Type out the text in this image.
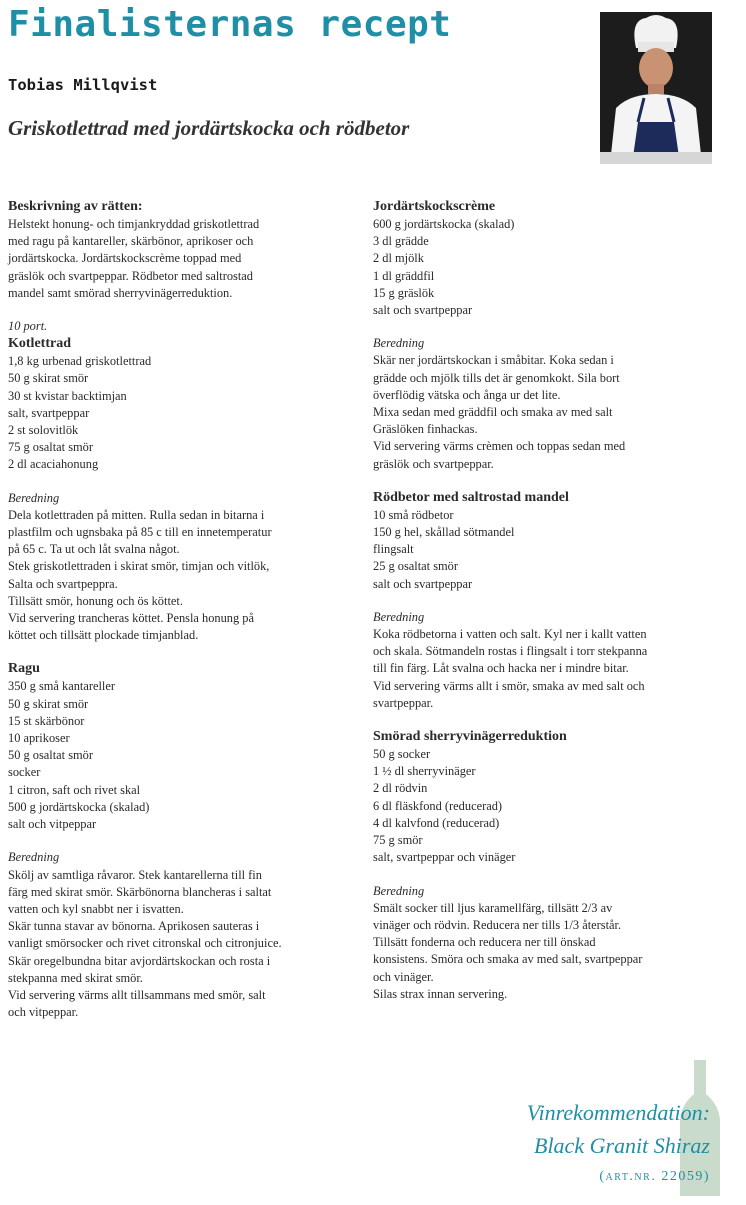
Finalisternas recept
Tobias Millqvist
Griskotlettrad med jordärtskocka och rödbetor

Beskrivning av rätten:

Helstekt honung- och timjankryddad griskotlettrad
med ragu på kantareller, skärbönor, aprikoser och
jordärtskocka. Jordärtskockscrème toppad med
gräslök och svartpeppar. Rödbetor med saltrostad
mandel samt smörad sherryvinägerreduktion.

10 port.

Kotlettrad

1,8 kg urbenad griskotlettrad
50 g skirat smör
30 st kvistar backtimjan
salt, svartpeppar
2 st solovitlök
75 g osaltat smör
2 dl acaciahonung

Beredning

Dela kotlettraden på mitten. Rulla sedan in bitarna i
plastfilm och ugnsbaka på 85 c till en innetemperatur
på 65 c. Ta ut och låt svalna något.
Stek griskotlettraden i skirat smör, timjan och vitlök,
Salta och svartpeppra.
Tillsätt smör, honung och ös köttet.
Vid servering trancheras köttet. Pensla honung på
köttet och tillsätt plockade timjanblad.

Ragu

350 g små kantareller
50 g skirat smör
15 st skärbönor
10 aprikoser
50 g osaltat smör
socker
1 citron, saft och rivet skal
500 g jordärtskocka (skalad)
salt och vitpeppar

Beredning

Skölj av samtliga råvaror. Stek kantarellerna till fin
färg med skirat smör. Skärbönorna blancheras i saltat
vatten och kyl snabbt ner i isvatten.
Skär tunna stavar av bönorna. Aprikosen sauteras i
vanligt smörsocker och rivet citronskal och citronjuice.
Skär oregelbundna bitar avjordärtskockan och rosta i
stekpanna med skirat smör.
Vid servering värms allt tillsammans med smör, salt
och vitpeppar.

Jordärtskockscrème

600 g jordärtskocka (skalad)
3 dl grädde
2 dl mjölk
1 dl gräddfil
15 g gräslök
salt och svartpeppar

Beredning

Skär ner jordärtskockan i småbitar. Koka sedan i
grädde och mjölk tills det är genomkokt. Sila bort
överflödig vätska och ånga ur det lite.
Mixa sedan med gräddfil och smaka av med salt
Gräslöken finhackas.
Vid servering värms crèmen och toppas sedan med
gräslök och svartpeppar.

Rödbetor med saltrostad mandel

10 små rödbetor
150 g hel, skållad sötmandel
flingsalt
25 g osaltat smör
salt och svartpeppar

Beredning

Koka rödbetorna i vatten och salt. Kyl ner i kallt vatten
och skala. Sötmandeln rostas i flingsalt i torr stekpanna
till fin färg. Låt svalna och hacka ner i mindre bitar.
Vid servering värms allt i smör, smaka av med salt och
svartpeppar.

Smörad sherryvinägerreduktion

50 g socker
1 ½ dl sherryvinäger
2 dl rödvin
6 dl fläskfond (reducerad)
4 dl kalvfond (reducerad)
75 g smör
salt, svartpeppar och vinäger

Beredning

Smält socker till ljus karamellfärg, tillsätt 2/3 av
vinäger och rödvin. Reducera ner tills 1/3 återstår.
Tillsätt fonderna och reducera ner till önskad
konsistens. Smöra och smaka av med salt, svartpeppar
och vinäger.
Silas strax innan servering.
Vinrekommendation:
Black Granit Shiraz
(art.nr. 22059)
